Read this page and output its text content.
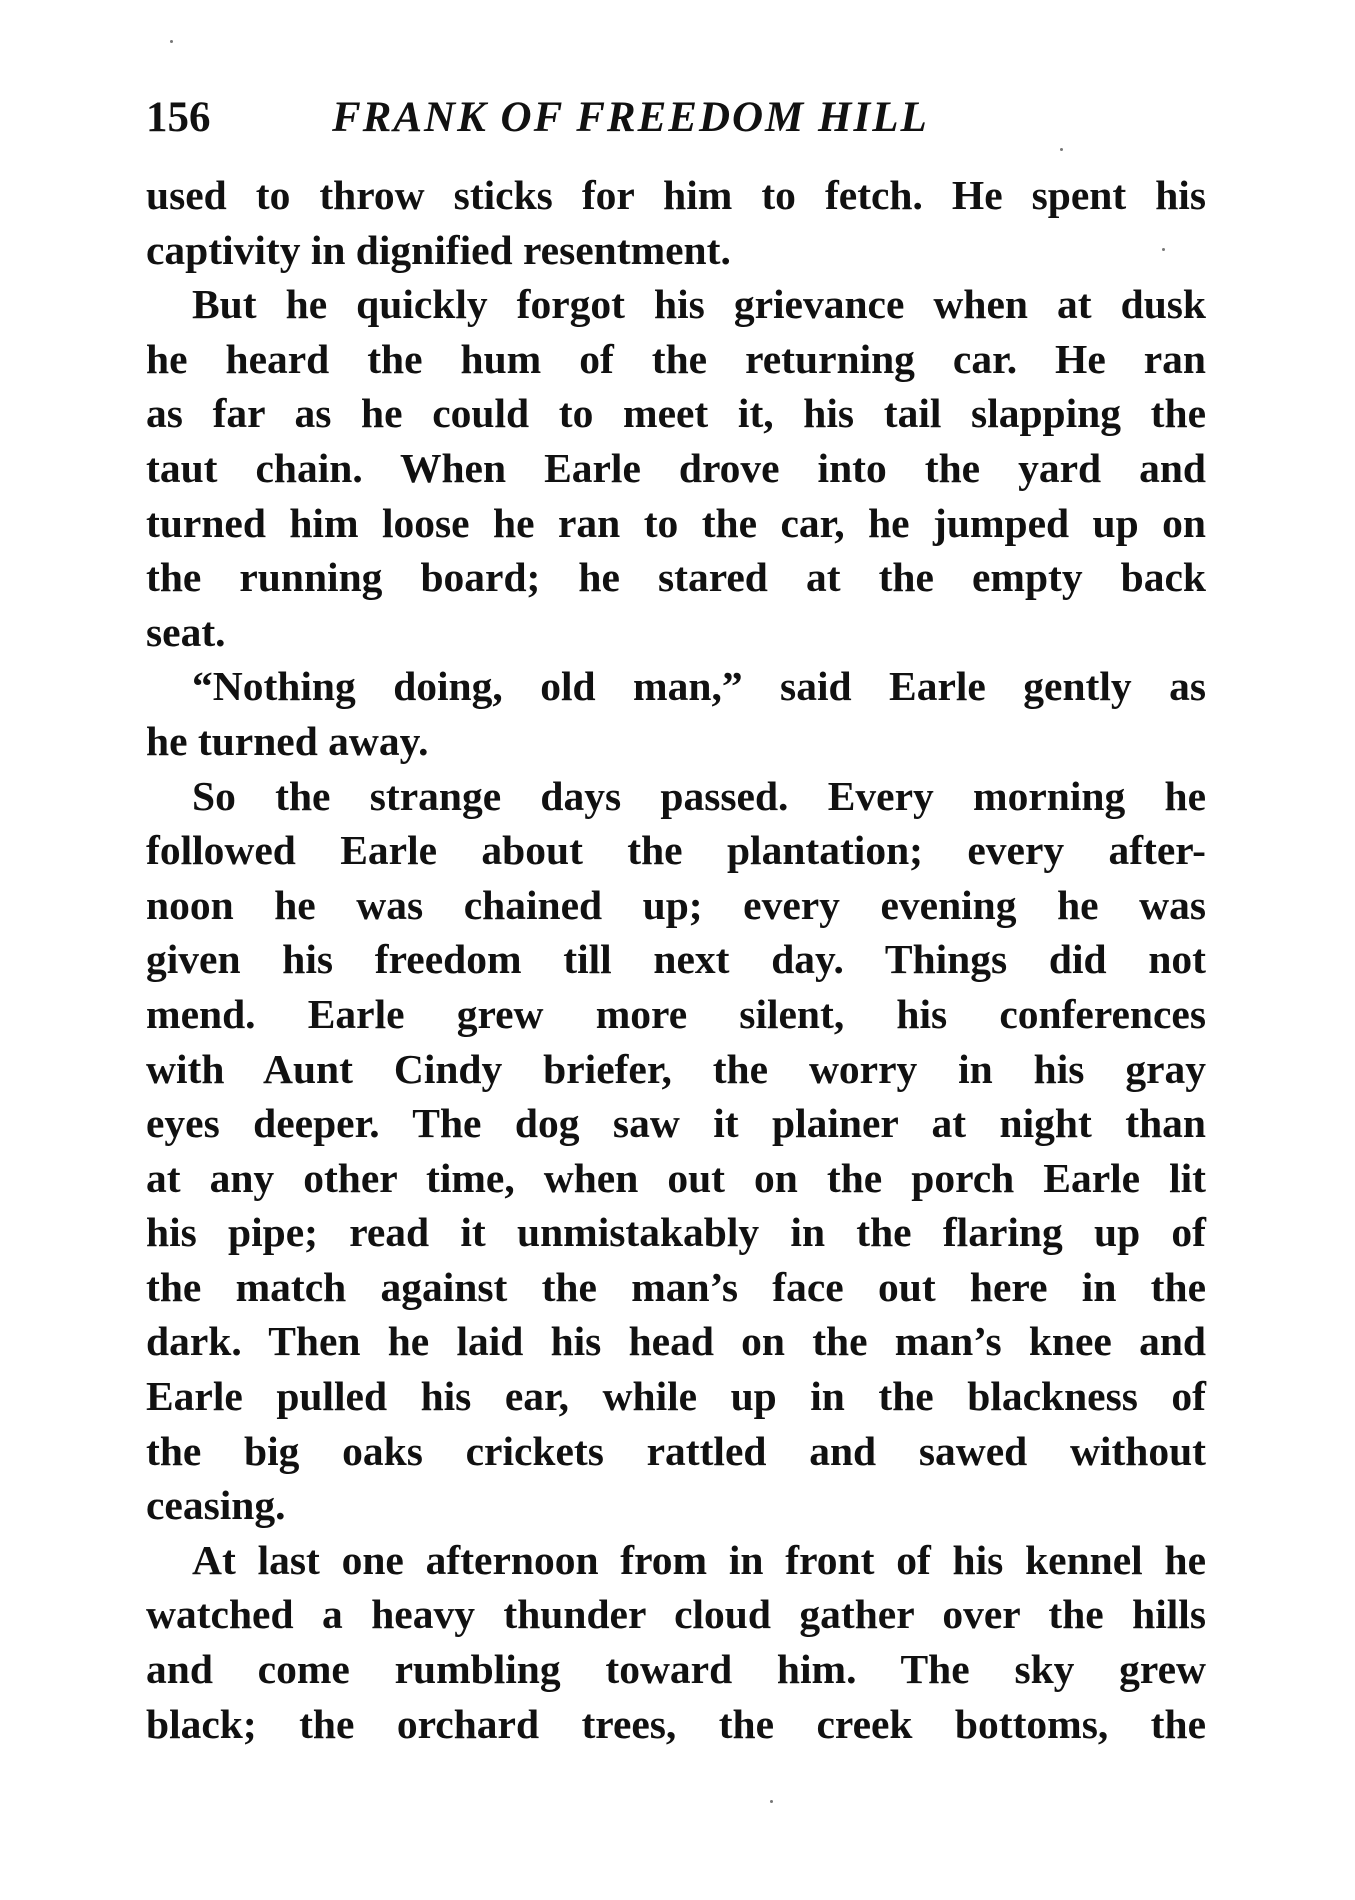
156	FRANK OF FREEDOM HILL
used to throw sticks for him to fetch. He spent his
captivity in dignified resentment.
But he quickly forgot his grievance when at dusk
he heard the hum of the returning car. He ran
as far as he could to meet it, his tail slapping the
taut chain. When Earle drove into the yard and
turned him loose he ran to the car, he jumped up on
the running board; he stared at the empty back
seat.
“Nothing doing, old man,” said Earle gently as
he turned away.
So the strange days passed. Every morning he
followed Earle about the plantation; every after-
noon he was chained up; every evening he was
given his freedom till next day. Things did not
mend. Earle grew more silent, his conferences
with Aunt Cindy briefer, the worry in his gray
eyes deeper. The dog saw it plainer at night than
at any other time, when out on the porch Earle lit
his pipe; read it unmistakably in the flaring up of
the match against the man’s face out here in the
dark. Then he laid his head on the man’s knee and
Earle pulled his ear, while up in the blackness of
the big oaks crickets rattled and sawed without
ceasing.
At last one afternoon from in front of his kennel he
watched a heavy thunder cloud gather over the hills
and come rumbling toward him. The sky grew
black; the orchard trees, the creek bottoms, the
